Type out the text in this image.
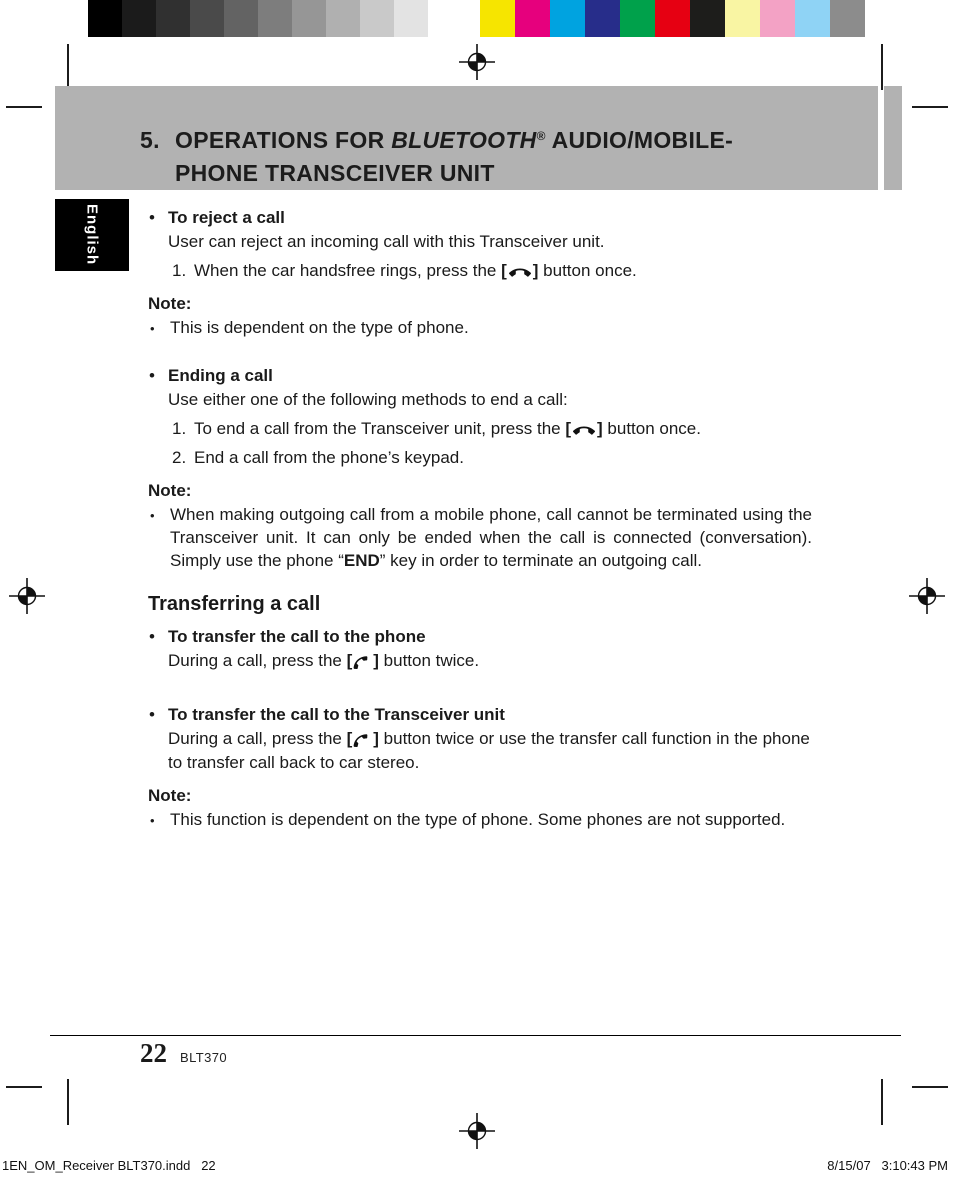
5. OPERATIONS FOR BLUETOOTH® AUDIO/MOBILE-
PHONE TRANSCEIVER UNIT
English	• To reject a call
User can reject an incoming call with this Transceiver unit.
1. When the car handsfree rings, press the [ ] button once.
Note:
• This is dependent on the type of phone.
• Ending a call
Use either one of the following methods to end a call:
1. To end a call from the Transceiver unit, press the [ ] button once.
2. End a call from the phone’s keypad.
Note:
• When making outgoing call from a mobile phone, call cannot be terminated using the Transceiver unit. It can only be ended when the call is connected (conversation). Simply use the phone “END” key in order to terminate an outgoing call.
Transferring a call
• To transfer the call to the phone
During a call, press the [ ] button twice.
• To transfer the call to the Transceiver unit
During a call, press the [ ] button twice or use the transfer call function in the phone to transfer call back to car stereo.
Note:
• This function is dependent on the type of phone. Some phones are not supported.
22 BLT370
1EN_OM_Receiver BLT370.indd   22	8/15/07   3:10:43 PM
